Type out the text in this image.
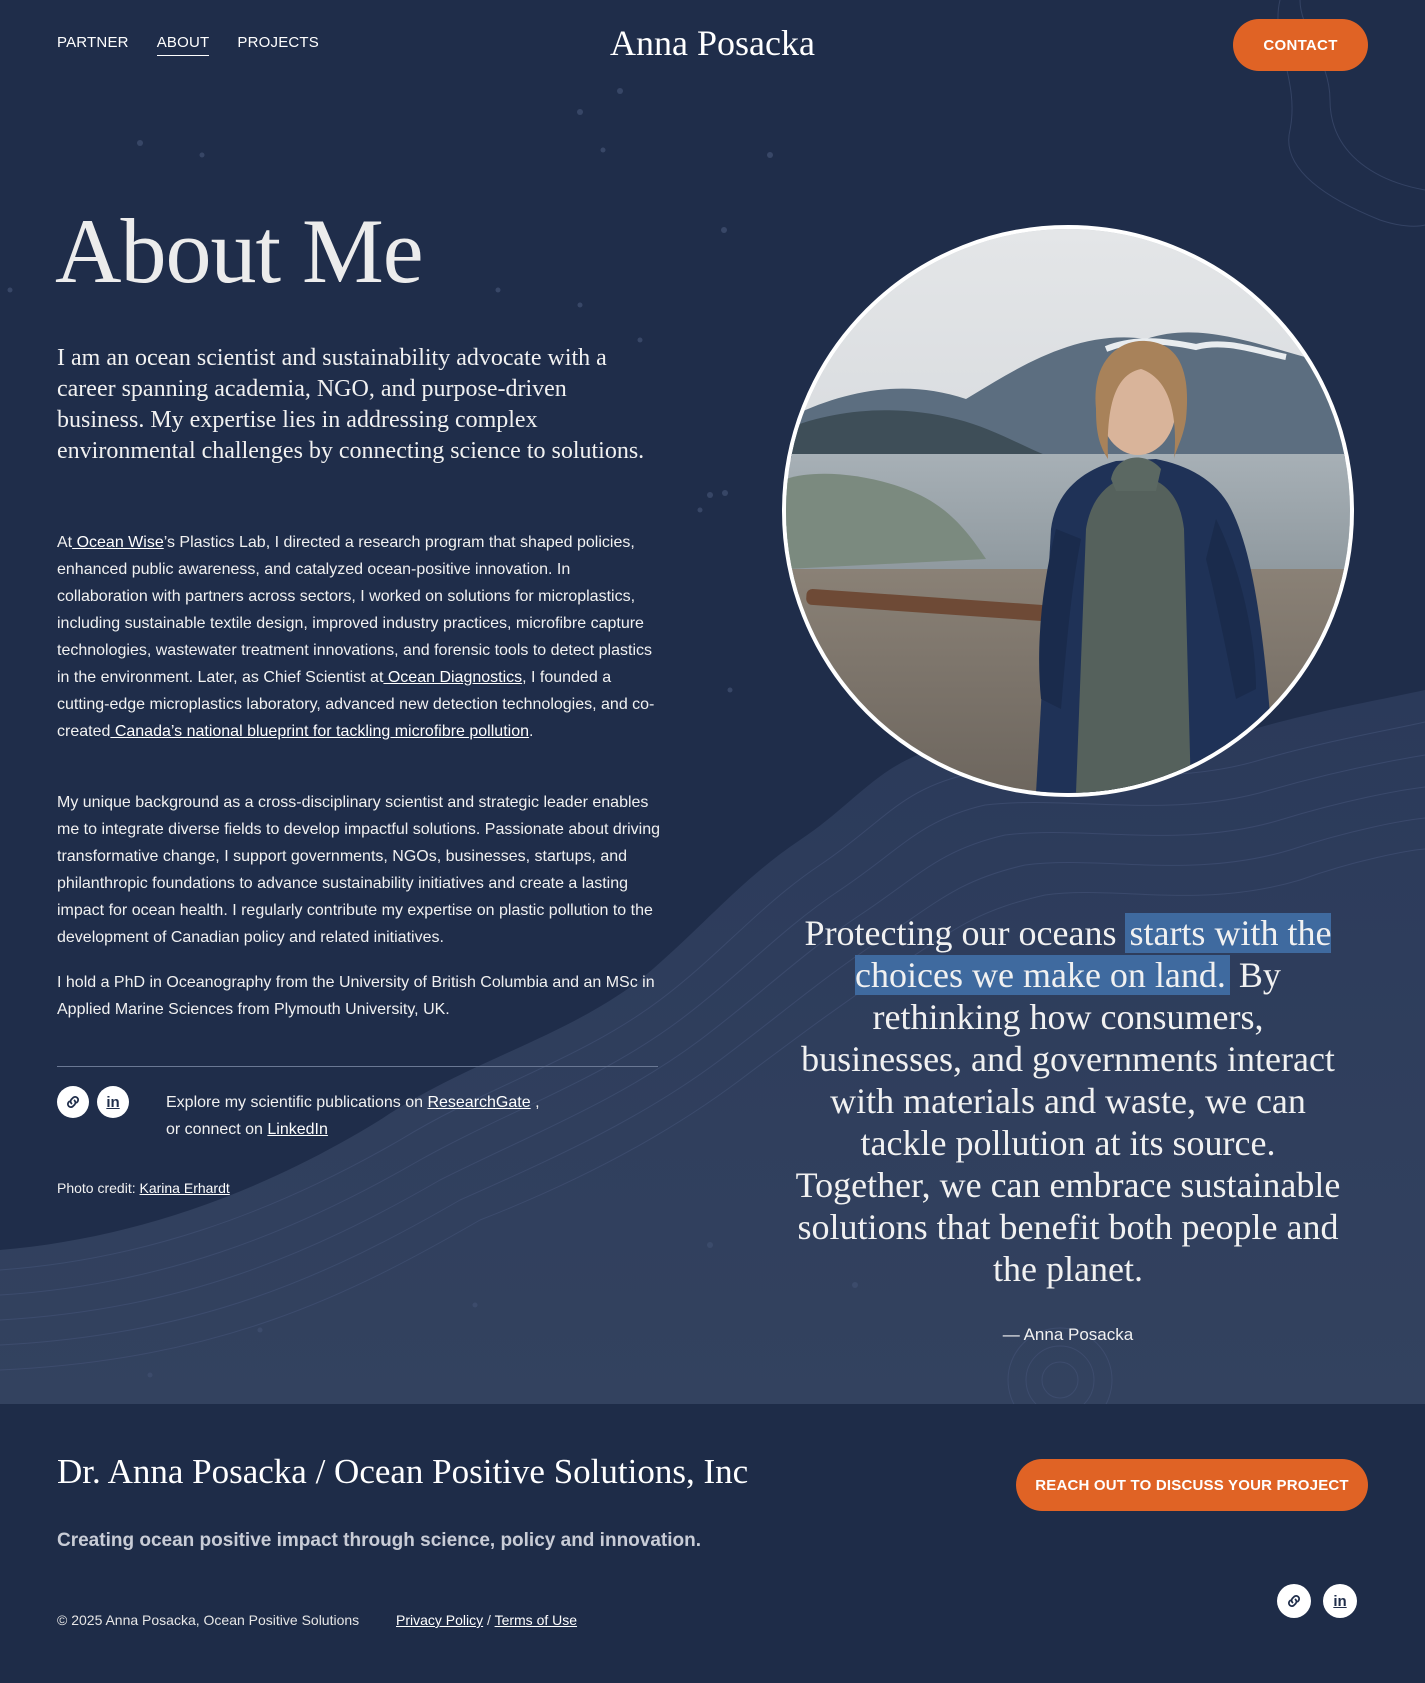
PARTNER ABOUT PROJECTS	Anna Posacka	CONTACT
About Me

I am an ocean scientist and sustainability advocate with a career spanning academia, NGO, and purpose-driven business. My expertise lies in addressing complex environmental challenges by connecting science to solutions.

At Ocean Wise’s Plastics Lab, I directed a research program that shaped policies, enhanced public awareness, and catalyzed ocean-positive innovation. In collaboration with partners across sectors, I worked on solutions for microplastics, including sustainable textile design, improved industry practices, microfibre capture technologies, wastewater treatment innovations, and forensic tools to detect plastics in the environment. Later, as Chief Scientist at Ocean Diagnostics, I founded a cutting-edge microplastics laboratory, advanced new detection technologies, and co-created Canada’s national blueprint for tackling microfibre pollution.

My unique background as a cross-disciplinary scientist and strategic leader enables me to integrate diverse fields to develop impactful solutions. Passionate about driving transformative change, I support governments, NGOs, businesses, startups, and philanthropic foundations to advance sustainability initiatives and create a lasting impact for ocean health. I regularly contribute my expertise on plastic pollution to the development of Canadian policy and related initiatives.

I hold a PhD in Oceanography from the University of British Columbia and an MSc in Applied Marine Sciences from Plymouth University, UK.

in	Explore my scientific publications on ResearchGate ,
or connect on LinkedIn
Photo credit: Karina Erhardt
Protecting our oceans starts with the choices we make on land. By rethinking how consumers, businesses, and governments interact with materials and waste, we can tackle pollution at its source. Together, we can embrace sustainable solutions that benefit both people and the planet.
— Anna Posacka
Dr. Anna Posacka / Ocean Positive Solutions, Inc	REACH OUT TO DISCUSS YOUR PROJECT
Creating ocean positive impact through science, policy and innovation.
© 2025 Anna Posacka, Ocean Positive Solutions	Privacy Policy / Terms of Use
in
